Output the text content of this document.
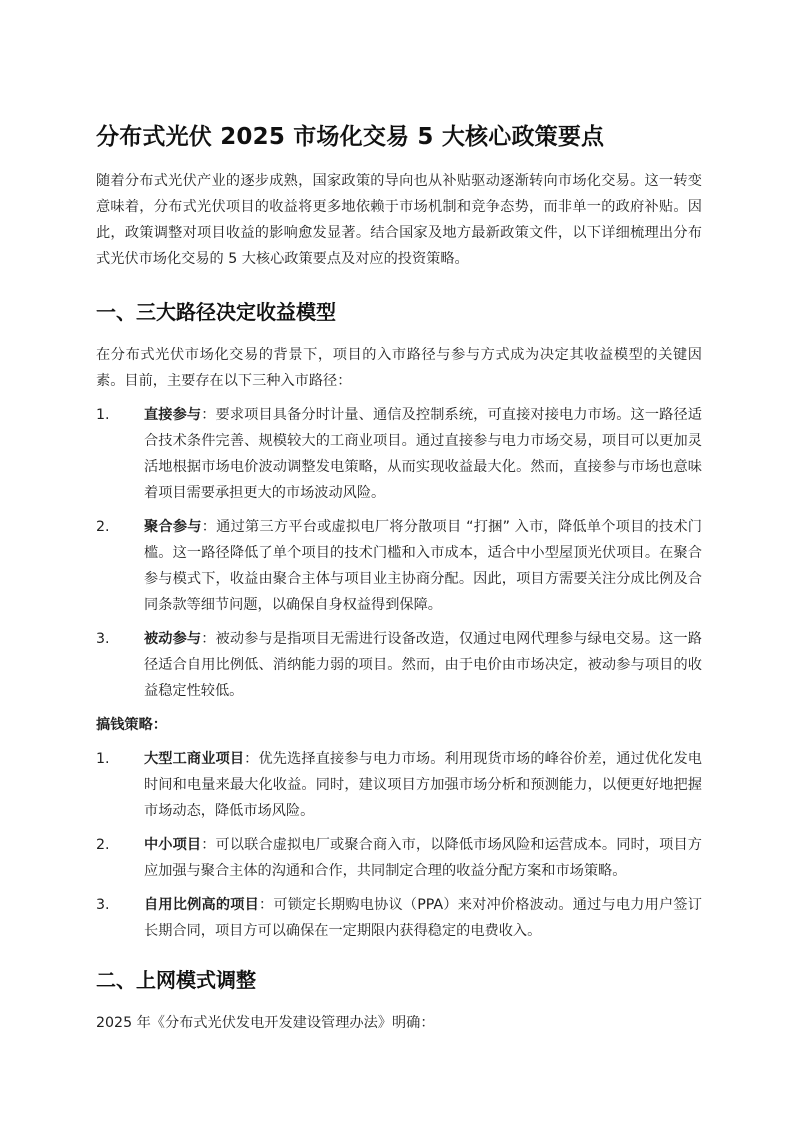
分布式光伏 2025 市场化交易 5 大核心政策要点

随着分布式光伏产业的逐步成熟，国家政策的导向也从补贴驱动逐渐转向市场化交易。这一转变意味着，分布式光伏项目的收益将更多地依赖于市场机制和竞争态势，而非单一的政府补贴。因此，政策调整对项目收益的影响愈发显著。结合国家及地方最新政策文件，以下详细梳理出分布式光伏市场化交易的 5 大核心政策要点及对应的投资策略。

一、三大路径决定收益模型

在分布式光伏市场化交易的背景下，项目的入市路径与参与方式成为决定其收益模型的关键因素。目前，主要存在以下三种入市路径：

1. 直接参与：要求项目具备分时计量、通信及控制系统，可直接对接电力市场。这一路径适合技术条件完善、规模较大的工商业项目。通过直接参与电力市场交易，项目可以更加灵活地根据市场电价波动调整发电策略，从而实现收益最大化。然而，直接参与市场也意味着项目需要承担更大的市场波动风险。
2. 聚合参与：通过第三方平台或虚拟电厂将分散项目 “打捆” 入市，降低单个项目的技术门槛。这一路径降低了单个项目的技术门槛和入市成本，适合中小型屋顶光伏项目。在聚合参与模式下，收益由聚合主体与项目业主协商分配。因此，项目方需要关注分成比例及合同条款等细节问题，以确保自身权益得到保障。
3. 被动参与：被动参与是指项目无需进行设备改造，仅通过电网代理参与绿电交易。这一路径适合自用比例低、消纳能力弱的项目。然而，由于电价由市场决定，被动参与项目的收益稳定性较低。
搞钱策略：
1. 大型工商业项目：优先选择直接参与电力市场。利用现货市场的峰谷价差，通过优化发电时间和电量来最大化收益。同时，建议项目方加强市场分析和预测能力，以便更好地把握市场动态，降低市场风险。
2. 中小项目：可以联合虚拟电厂或聚合商入市，以降低市场风险和运营成本。同时，项目方应加强与聚合主体的沟通和合作，共同制定合理的收益分配方案和市场策略。
3. 自用比例高的项目：可锁定长期购电协议（PPA）来对冲价格波动。通过与电力用户签订长期合同，项目方可以确保在一定期限内获得稳定的电费收入。
二、上网模式调整

2025 年《分布式光伏发电开发建设管理办法》明确：
